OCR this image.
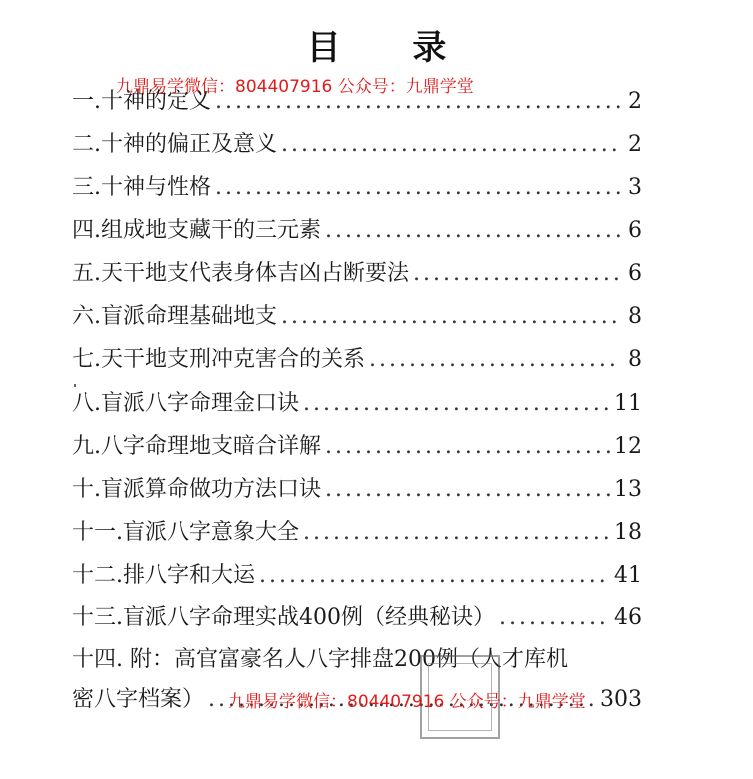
目 录
九鼎易学微信：804407916 公众号：九鼎学堂
一. 十神的定义 .....	2
二. 十神的偏正及意义 .....	2
三. 十神与性格 .....	3
四. 组成地支藏干的三元素 .....	6
五. 天干地支代表身体吉凶占断要法 .....	6
六. 盲派命理基础地支 .....	8
七. 天干地支刑冲克害合的关系 .....	8
八. 盲派八字命理金口诀 .....	11
九. 八字命理地支暗合详解 .....	12
十. 盲派算命做功方法口诀 .....	13
十一. 盲派八字意象大全 .....	18
十二. 排八字和大运 .....	41
十三. 盲派八字命理实战400例（经典秘诀） .....	46
十四. 附：高官富豪名人八字排盘200例（人才库机
密八字档案） .....	303
九鼎易学微信：804407916 公众号：九鼎学堂
